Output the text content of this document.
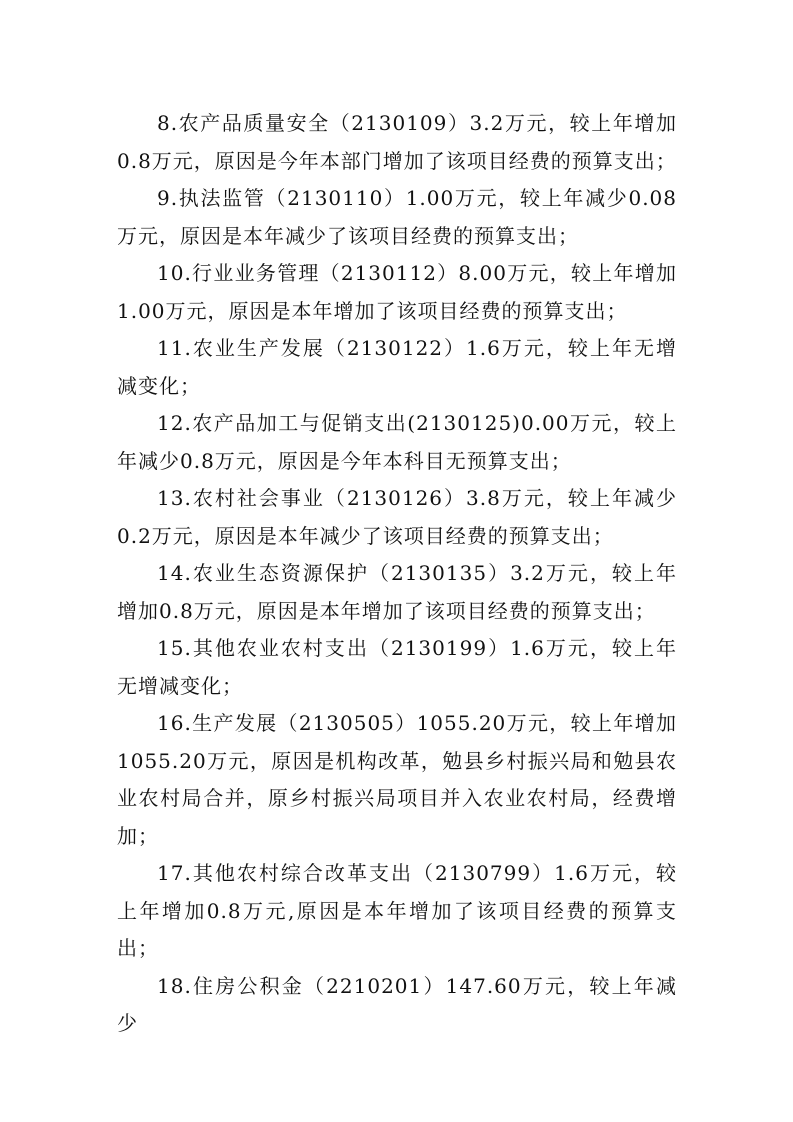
8.农产品质量安全（2130109）3.2万元，较上年增加0.8万元，原因是今年本部门增加了该项目经费的预算支出；

9.执法监管（2130110）1.00万元，较上年减少0.08万元，原因是本年减少了该项目经费的预算支出；

10.行业业务管理（2130112）8.00万元，较上年增加1.00万元，原因是本年增加了该项目经费的预算支出；

11.农业生产发展（2130122）1.6万元，较上年无增减变化；

12.农产品加工与促销支出(2130125)0.00万元，较上年减少0.8万元，原因是今年本科目无预算支出；

13.农村社会事业（2130126）3.8万元，较上年减少0.2万元，原因是本年减少了该项目经费的预算支出；

14.农业生态资源保护（2130135）3.2万元，较上年增加0.8万元，原因是本年增加了该项目经费的预算支出；

15.其他农业农村支出（2130199）1.6万元，较上年无增减变化；

16.生产发展（2130505）1055.20万元，较上年增加1055.20万元，原因是机构改革，勉县乡村振兴局和勉县农业农村局合并，原乡村振兴局项目并入农业农村局，经费增加；

17.其他农村综合改革支出（2130799）1.6万元，较上年增加0.8万元,原因是本年增加了该项目经费的预算支出；

18.住房公积金（2210201）147.60万元，较上年减少
